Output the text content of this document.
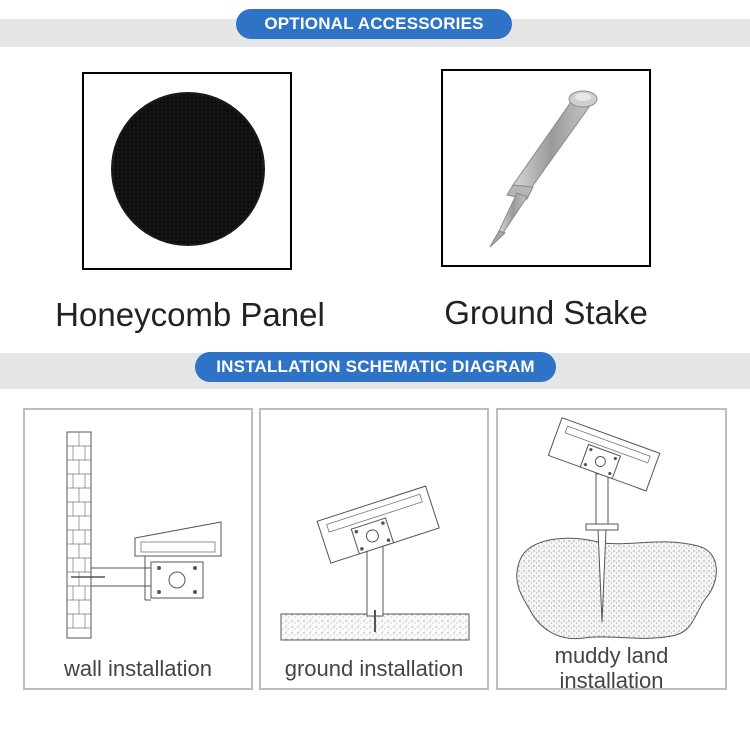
OPTIONAL ACCESSORIES
Honeycomb Panel	Ground Stake
INSTALLATION SCHEMATIC DIAGRAM
wall installation	ground installation
muddy land
installation
